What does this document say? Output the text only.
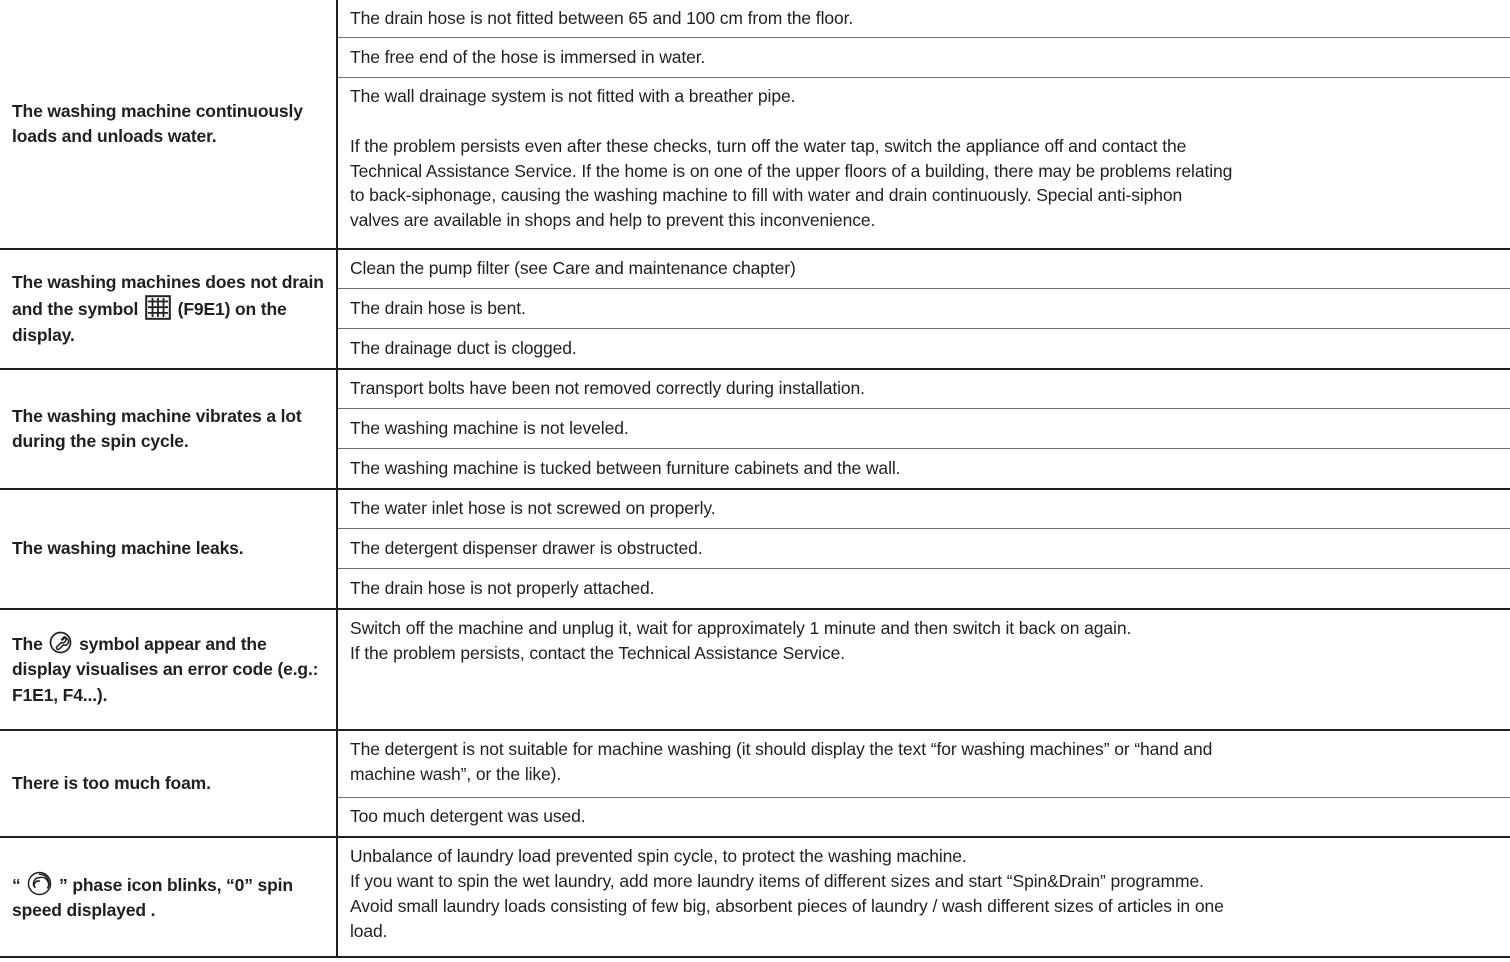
The washing machine continuously loads and unloads water.
The drain hose is not fitted between 65 and 100 cm from the floor.
The free end of the hose is immersed in water.

The wall drainage system is not fitted with a breather pipe.

If the problem persists even after these checks, turn off the water tap, switch the appliance off and contact the

Technical Assistance Service. If the home is on one of the upper floors of a building, there may be problems relating

to back-siphonage, causing the washing machine to fill with water and drain continuously. Special anti-siphon

valves are available in shops and help to prevent this inconvenience.

The washing machines does not drain and the symbol
(F9E1) on the display.
Clean the pump filter (see Care and maintenance chapter)
The drain hose is bent.
The drainage duct is clogged.
The washing machine vibrates a lot during the spin cycle.
Transport bolts have been not removed correctly during installation.
The washing machine is not leveled.
The washing machine is tucked between furniture cabinets and the wall.
The washing machine leaks.
The water inlet hose is not screwed on properly.
The detergent dispenser drawer is obstructed.
The drain hose is not properly attached.
The
symbol appear and the display visualises an error code (e.g.: F1E1, F4...).

Switch off the machine and unplug it, wait for approximately 1 minute and then switch it back on again.

If the problem persists, contact the Technical Assistance Service.

There is too much foam.

The detergent is not suitable for machine washing (it should display the text “for washing machines” or “hand and

machine wash”, or the like).

Too much detergent was used.
“
” phase icon blinks, “0” spin speed displayed .

Unbalance of laundry load prevented spin cycle, to protect the washing machine.

If you want to spin the wet laundry, add more laundry items of different sizes and start “Spin&Drain” programme.

Avoid small laundry loads consisting of few big, absorbent pieces of laundry / wash different sizes of articles in one

load.
